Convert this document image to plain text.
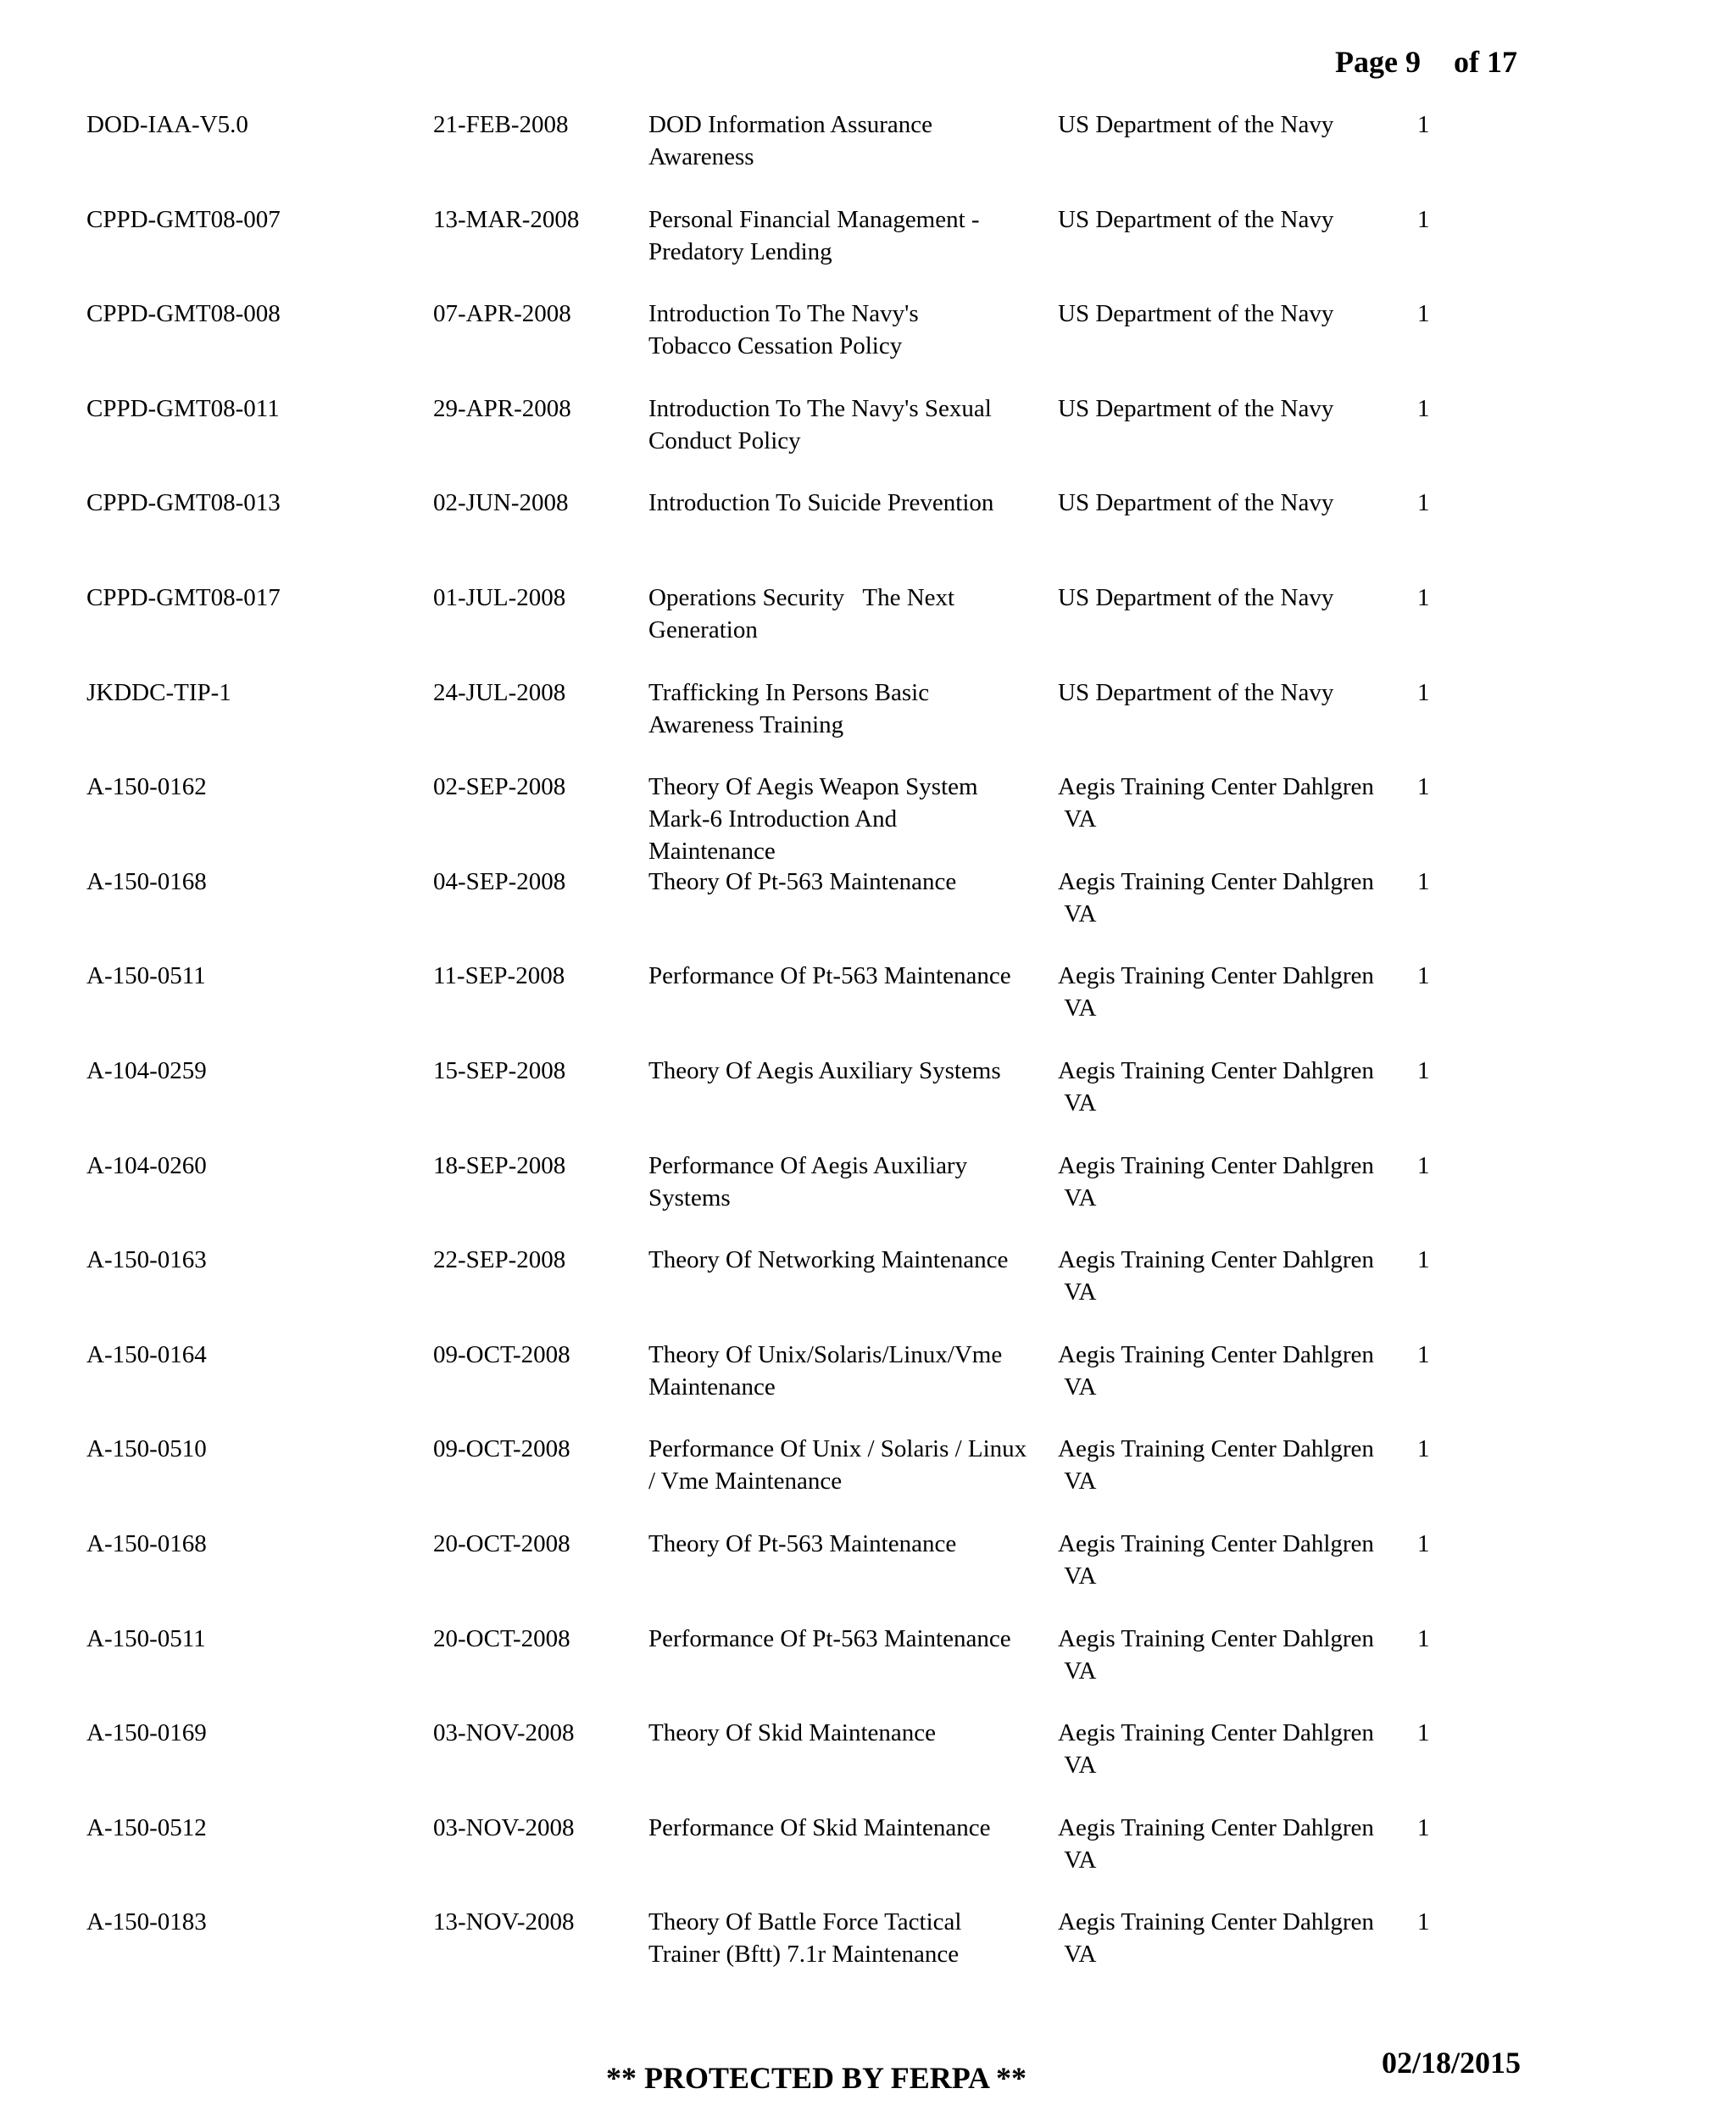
Page 9 of 17
DOD-IAA-V5.0	21-FEB-2008	DOD Information Assurance
Awareness
US Department of the Navy	1
CPPD-GMT08-007	13-MAR-2008	Personal Financial Management -
Predatory Lending
US Department of the Navy	1
CPPD-GMT08-008	07-APR-2008	Introduction To The Navy's
Tobacco Cessation Policy
US Department of the Navy	1
CPPD-GMT08-011	29-APR-2008	Introduction To The Navy's Sexual
Conduct Policy
US Department of the Navy	1
CPPD-GMT08-013	02-JUN-2008	Introduction To Suicide Prevention	US Department of the Navy	1
CPPD-GMT08-017	01-JUL-2008	Operations Security   The Next
Generation
US Department of the Navy	1
JKDDC-TIP-1	24-JUL-2008	Trafficking In Persons Basic
Awareness Training
US Department of the Navy	1
A-150-0162	02-SEP-2008	Theory Of Aegis Weapon System
Mark-6 Introduction And
Maintenance
Aegis Training Center Dahlgren
VA
1
A-150-0168	04-SEP-2008	Theory Of Pt-563 Maintenance	Aegis Training Center Dahlgren
VA
1
A-150-0511	11-SEP-2008	Performance Of Pt-563 Maintenance	Aegis Training Center Dahlgren
VA
1
A-104-0259	15-SEP-2008	Theory Of Aegis Auxiliary Systems	Aegis Training Center Dahlgren
VA
1
A-104-0260	18-SEP-2008	Performance Of Aegis Auxiliary
Systems
Aegis Training Center Dahlgren
VA
1
A-150-0163	22-SEP-2008	Theory Of Networking Maintenance	Aegis Training Center Dahlgren
VA
1
A-150-0164	09-OCT-2008	Theory Of Unix/Solaris/Linux/Vme
Maintenance
Aegis Training Center Dahlgren
VA
1
A-150-0510	09-OCT-2008	Performance Of Unix / Solaris / Linux
/ Vme Maintenance
Aegis Training Center Dahlgren
VA
1
A-150-0168	20-OCT-2008	Theory Of Pt-563 Maintenance	Aegis Training Center Dahlgren
VA
1
A-150-0511	20-OCT-2008	Performance Of Pt-563 Maintenance	Aegis Training Center Dahlgren
VA
1
A-150-0169	03-NOV-2008	Theory Of Skid Maintenance	Aegis Training Center Dahlgren
VA
1
A-150-0512	03-NOV-2008	Performance Of Skid Maintenance	Aegis Training Center Dahlgren
VA
1
A-150-0183	13-NOV-2008	Theory Of Battle Force Tactical
Trainer (Bftt) 7.1r Maintenance
Aegis Training Center Dahlgren
VA
1
** PROTECTED BY FERPA **	02/18/2015
